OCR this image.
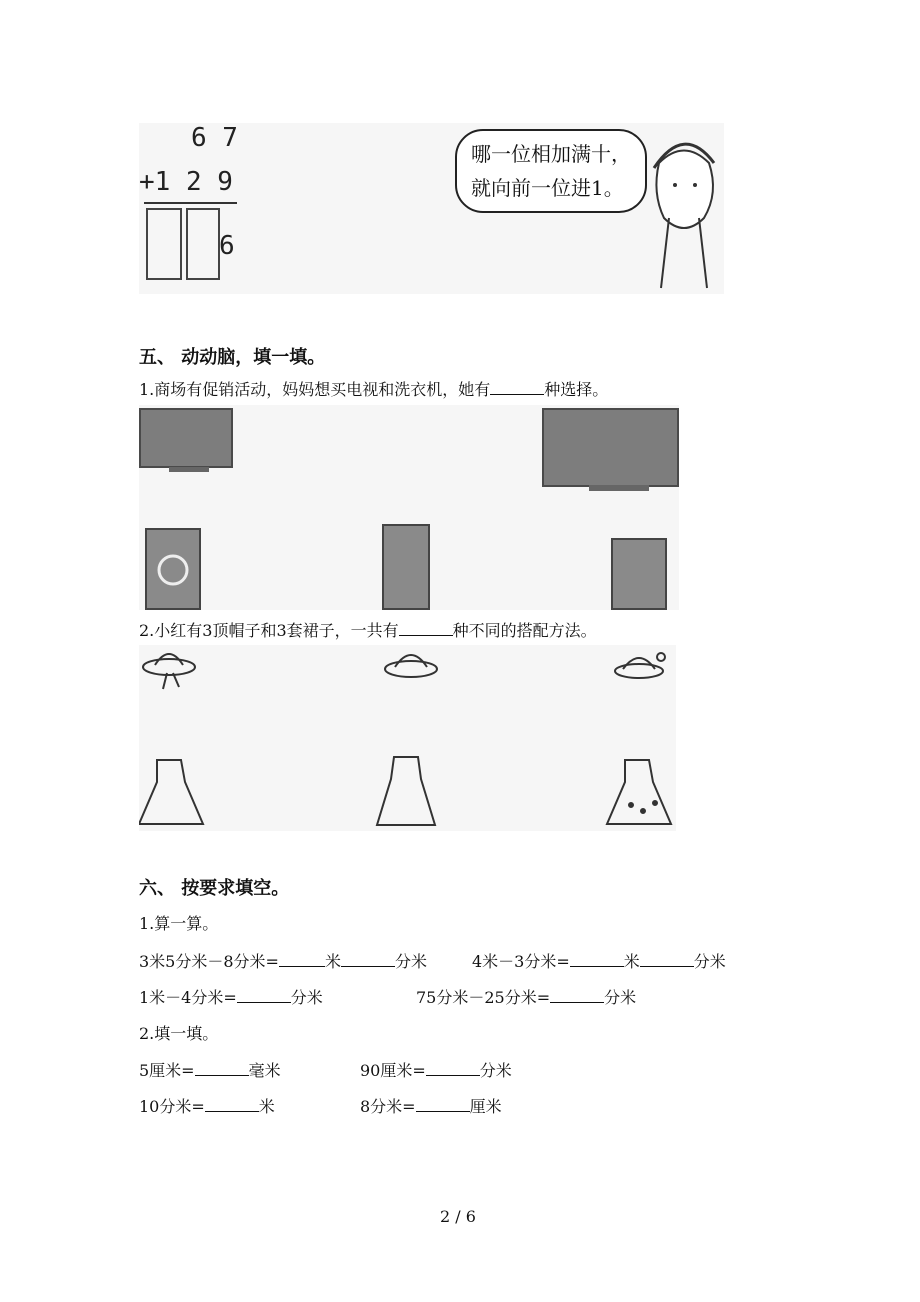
6 7
+1 2 9
6
哪一位相加满十，
就向前一位进1。
五、 动动脑，填一填。
1.商场有促销活动，妈妈想买电视和洗衣机，她有	种选择。
2.小红有3顶帽子和3套裙子，一共有	种不同的搭配方法。
六、 按要求填空。
1.算一算。
3米5分米－8分米=	米	分米	4米－3分米=	米	分米
1米－4分米=	分米	75分米－25分米=	分米
2.填一填。
5厘米=	毫米	90厘米=	分米
10分米=	米	8分米=	厘米
2 / 6
